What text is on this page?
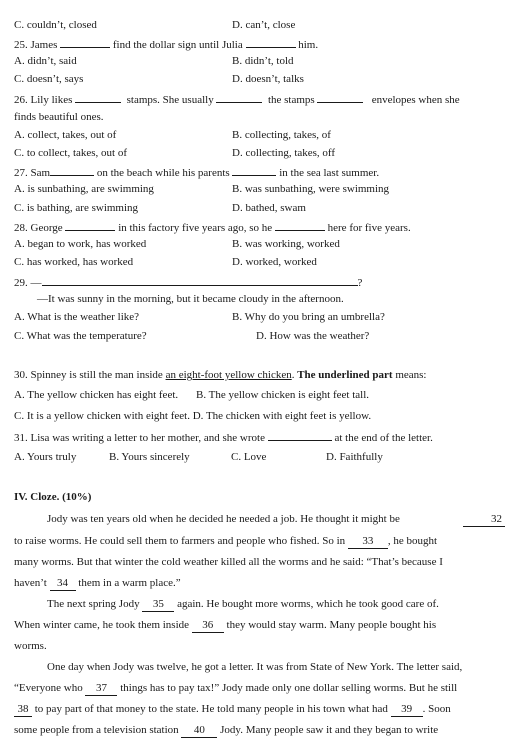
C. couldn’t, closed	D. can’t, close
25. James	find the dollar sign until Julia	him.
A. didn’t, said	B. didn’t, told
C. doesn’t, says	D. doesn’t, talks
26. Lily likes	stamps. She usually	the stamps	envelopes when she
finds beautiful ones.
A. collect, takes, out of	B. collecting, takes, of
C. to collect, takes, out of	D. collecting, takes, off
27. Sam	on the beach while his parents	in the sea last summer.
A. is sunbathing, are swimming	B. was sunbathing, were swimming
C. is bathing, are swimming	D. bathed, swam
28. George	in this factory five years ago, so he	here for five years.
A. began to work, has worked	B. was working, worked
C. has worked, has worked	D. worked, worked
29. —	?
—It was sunny in the morning, but it became cloudy in the afternoon.
A. What is the weather like?	B. Why do you bring an umbrella?
C. What was the temperature?	D. How was the weather?
30. Spinney is still the man inside an eight-foot yellow chicken. The underlined part means:
A. The yellow chicken has eight feet. B. The yellow chicken is eight feet tall.
C. It is a yellow chicken with eight feet. D. The chicken with eight feet is yellow.
31. Lisa was writing a letter to her mother, and she wrote	at the end of the letter.
A. Yours truly	B. Yours sincerely	C. Love	D. Faithfully
IV. Cloze. (10%)
Jody was ten years old when he decided he needed a job. He thought it might be	32
to raise worms. He could sell them to farmers and people who fished. So in 33 , he bought
many worms. But that winter the cold weather killed all the worms and he said: “That’s because I
haven’t 34 them in a warm place.”
The next spring Jody 35 again. He bought more worms, which he took good care of.
When winter came, he took them inside 36 they would stay warm. Many people bought his
worms.
One day when Jody was twelve, he got a letter. It was from State of New York. The letter said,
“Everyone who 37 things has to pay tax!” Jody made only one dollar selling worms. But he still
38 to pay part of that money to the state. He told many people in his town what had 39 . Soon
some people from a television station 40 Jody. Many people saw it and they began to write
